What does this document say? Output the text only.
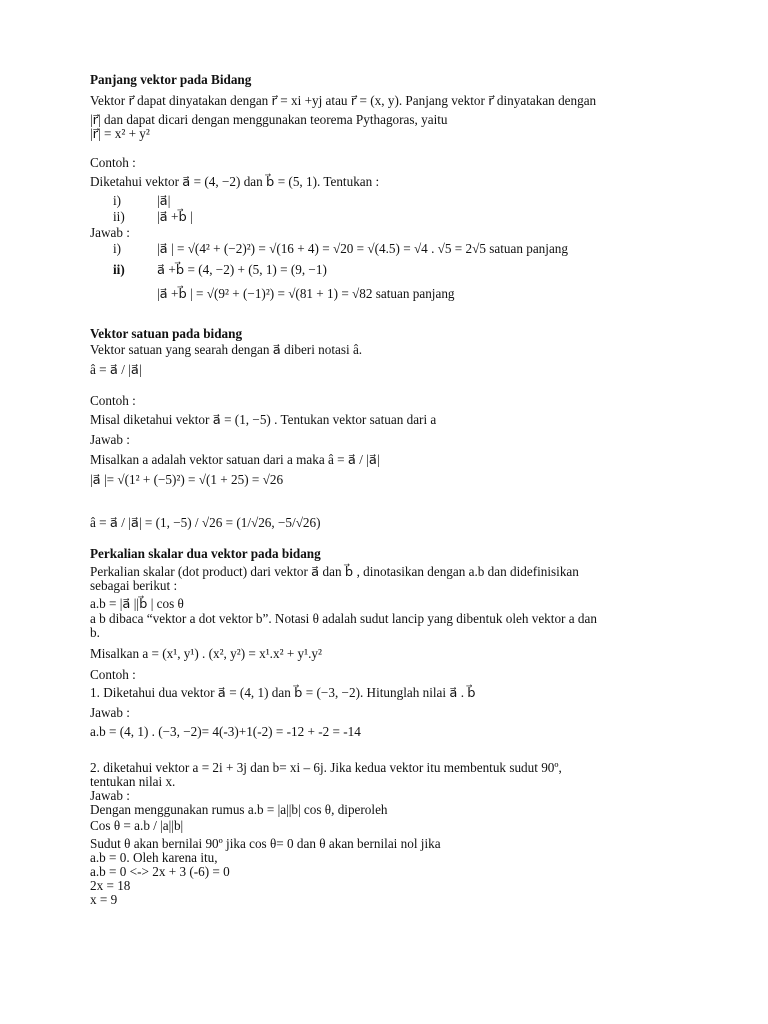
Panjang vektor pada Bidang
Vektor r⃗ dapat dinyatakan dengan r⃗ = xi +yj atau r⃗ = (x, y). Panjang vektor r⃗ dinyatakan dengan
|r⃗| dan dapat dicari dengan menggunakan teorema Pythagoras, yaitu
|r⃗| = x² + y²
Contoh :
Diketahui vektor a⃗ = (4, −2) dan b⃗ = (5, 1). Tentukan :
i)	|a⃗|
ii) |a⃗ +b⃗ |
Jawab :
i)	|a⃗ | = √(4² + (−2)²) = √(16 + 4) = √20 = √(4.5) = √4 . √5 = 2√5 satuan panjang
ii) a⃗ +b⃗ = (4, −2) + (5, 1) = (9, −1)
|a⃗ +b⃗ | = √(9² + (−1)²) = √(81 + 1) = √82 satuan panjang
Vektor satuan pada bidang
Vektor satuan yang searah dengan a⃗ diberi notasi â.
â = a⃗ / |a⃗|
Contoh :
Misal diketahui vektor a⃗ = (1, −5) . Tentukan vektor satuan dari a
Jawab :
Misalkan a adalah vektor satuan dari a maka â = a⃗ / |a⃗|
|a⃗ |= √(1² + (−5)²) = √(1 + 25) = √26
â = a⃗ / |a⃗| = (1, −5) / √26 = (1/√26, −5/√26)
Perkalian skalar dua vektor pada bidang
Perkalian skalar (dot product) dari vektor a⃗ dan b⃗ , dinotasikan dengan a.b dan didefinisikan
sebagai berikut :
a.b = |a⃗ ||b⃗ | cos θ
a b dibaca “vektor a dot vektor b”. Notasi θ adalah sudut lancip yang dibentuk oleh vektor a dan
b.
Misalkan a = (x¹, y¹) . (x², y²) = x¹.x² + y¹.y²
Contoh :
1. Diketahui dua vektor a⃗ = (4, 1) dan b⃗ = (−3, −2). Hitunglah nilai a⃗ . b⃗
Jawab :
a.b = (4, 1) . (−3, −2)= 4(-3)+1(-2) = -12 + -2 = -14
2. diketahui vektor a = 2i + 3j dan b= xi – 6j. Jika kedua vektor itu membentuk sudut 90º,
tentukan nilai x.
Jawab :
Dengan menggunakan rumus a.b = |a||b| cos θ, diperoleh
Cos θ = a.b / |a||b|
Sudut θ akan bernilai 90º jika cos θ= 0 dan θ akan bernilai nol jika
a.b = 0. Oleh karena itu,
a.b = 0 <-> 2x + 3 (-6) = 0
2x = 18
x = 9
